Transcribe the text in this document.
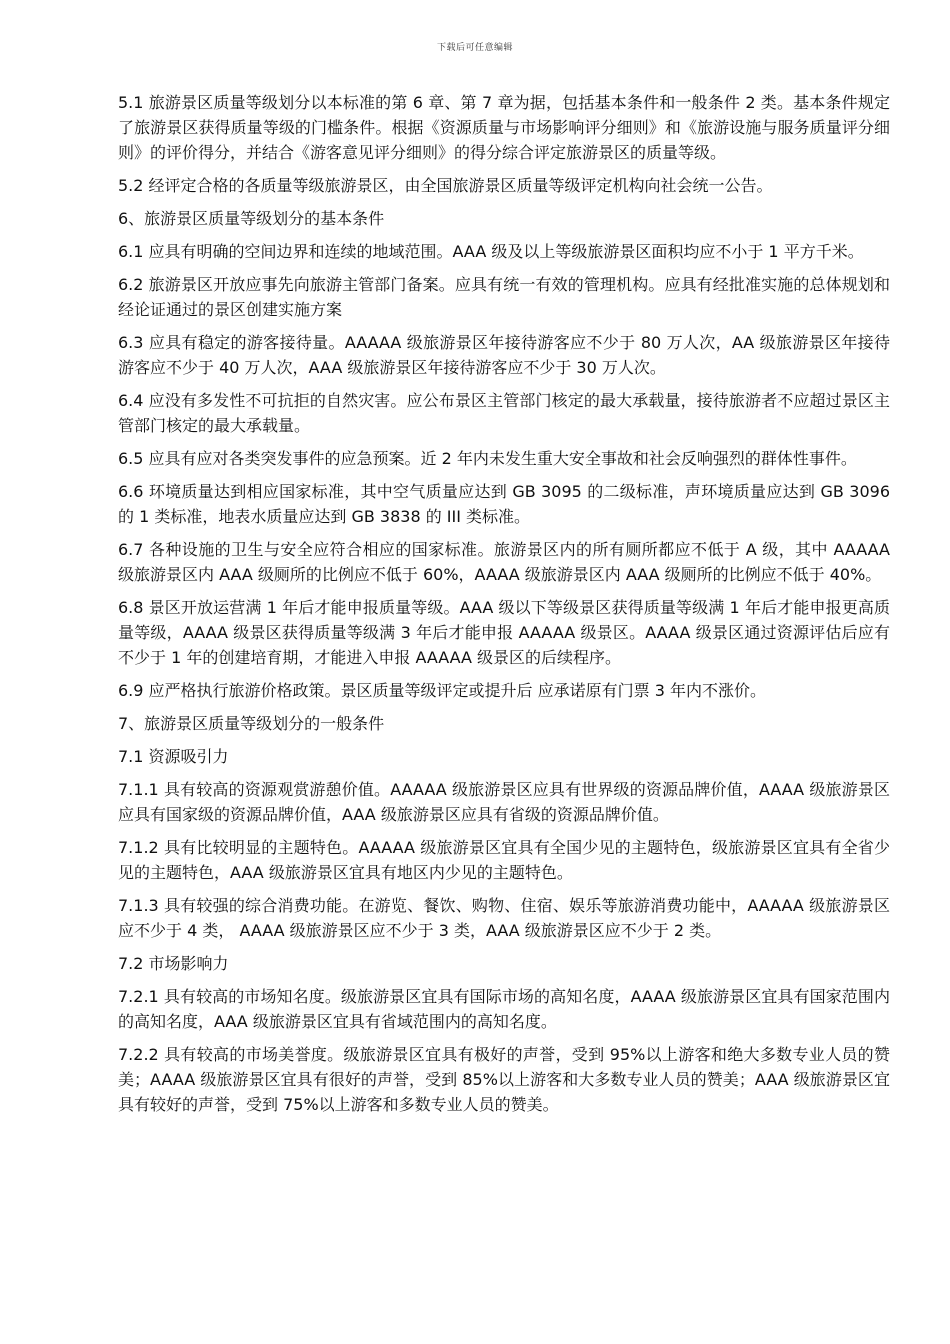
下载后可任意编辑

5.1 旅游景区质量等级划分以本标准的第 6 章、第 7 章为据，包括基本条件和一般条件 2 类。基本条件规定了旅游景区获得质量等级的门槛条件。根据《资源质量与市场影响评分细则》和《旅游设施与服务质量评分细则》的评价得分，并结合《游客意见评分细则》的得分综合评定旅游景区的质量等级。

5.2 经评定合格的各质量等级旅游景区，由全国旅游景区质量等级评定机构向社会统一公告。

6、旅游景区质量等级划分的基本条件

6.1 应具有明确的空间边界和连续的地域范围。AAA 级及以上等级旅游景区面积均应不小于 1 平方千米。

6.2 旅游景区开放应事先向旅游主管部门备案。应具有统一有效的管理机构。应具有经批准实施的总体规划和经论证通过的景区创建实施方案

6.3 应具有稳定的游客接待量。AAAAA 级旅游景区年接待游客应不少于 80 万人次，AA 级旅游景区年接待游客应不少于 40 万人次，AAA 级旅游景区年接待游客应不少于 30 万人次。

6.4 应没有多发性不可抗拒的自然灾害。应公布景区主管部门核定的最大承载量，接待旅游者不应超过景区主管部门核定的最大承载量。

6.5 应具有应对各类突发事件的应急预案。近 2 年内未发生重大安全事故和社会反响强烈的群体性事件。

6.6 环境质量达到相应国家标准，其中空气质量应达到 GB 3095 的二级标准，声环境质量应达到 GB 3096 的 1 类标准，地表水质量应达到 GB 3838 的 III 类标准。

6.7 各种设施的卫生与安全应符合相应的国家标准。旅游景区内的所有厕所都应不低于 A 级，其中 AAAAA 级旅游景区内 AAA 级厕所的比例应不低于 60%，AAAA 级旅游景区内 AAA 级厕所的比例应不低于 40%。

6.8 景区开放运营满 1 年后才能申报质量等级。AAA 级以下等级景区获得质量等级满 1 年后才能申报更高质量等级，AAAA 级景区获得质量等级满 3 年后才能申报 AAAAA 级景区。AAAA 级景区通过资源评估后应有不少于 1 年的创建培育期，才能进入申报 AAAAA 级景区的后续程序。

6.9 应严格执行旅游价格政策。景区质量等级评定或提升后 应承诺原有门票 3 年内不涨价。

7、旅游景区质量等级划分的一般条件

7.1 资源吸引力

7.1.1 具有较高的资源观赏游憩价值。AAAAA 级旅游景区应具有世界级的资源品牌价值，AAAA 级旅游景区应具有国家级的资源品牌价值，AAA 级旅游景区应具有省级的资源品牌价值。

7.1.2 具有比较明显的主题特色。AAAAA 级旅游景区宜具有全国少见的主题特色，级旅游景区宜具有全省少见的主题特色，AAA 级旅游景区宜具有地区内少见的主题特色。

7.1.3 具有较强的综合消费功能。在游览、餐饮、购物、住宿、娱乐等旅游消费功能中，AAAAA 级旅游景区应不少于 4 类， AAAA 级旅游景区应不少于 3 类，AAA 级旅游景区应不少于 2 类。

7.2 市场影响力

7.2.1 具有较高的市场知名度。级旅游景区宜具有国际市场的高知名度，AAAA 级旅游景区宜具有国家范围内的高知名度，AAA 级旅游景区宜具有省域范围内的高知名度。

7.2.2 具有较高的市场美誉度。级旅游景区宜具有极好的声誉，受到 95%以上游客和绝大多数专业人员的赞美；AAAA 级旅游景区宜具有很好的声誉，受到 85%以上游客和大多数专业人员的赞美；AAA 级旅游景区宜具有较好的声誉，受到 75%以上游客和多数专业人员的赞美。
